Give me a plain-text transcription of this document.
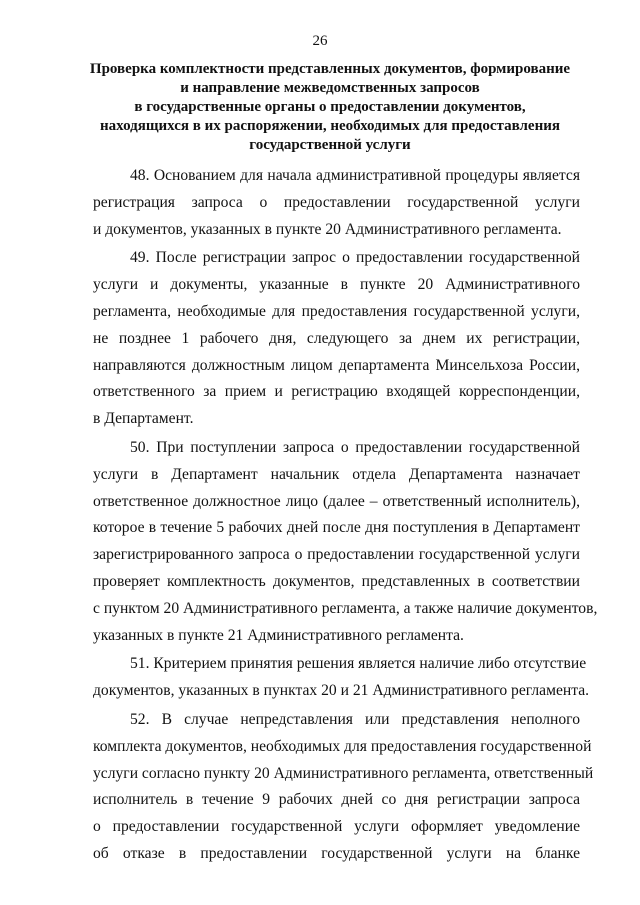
26
Проверка комплектности представленных документов, формирование
и направление межведомственных запросов
в государственные органы о предоставлении документов,
находящихся в их распоряжении, необходимых для предоставления
государственной услуги
48. Основанием для начала административной процедуры является
регистрация запроса о предоставлении государственной услуги
и документов, указанных в пункте 20 Административного регламента.
49. После регистрации запрос о предоставлении государственной
услуги и документы, указанные в пункте 20 Административного
регламента, необходимые для предоставления государственной услуги,
не позднее 1 рабочего дня, следующего за днем их регистрации,
направляются должностным лицом департамента Минсельхоза России,
ответственного за прием и регистрацию входящей корреспонденции,
в Департамент.
50. При поступлении запроса о предоставлении государственной
услуги в Департамент начальник отдела Департамента назначает
ответственное должностное лицо (далее – ответственный исполнитель),
которое в течение 5 рабочих дней после дня поступления в Департамент
зарегистрированного запроса о предоставлении государственной услуги
проверяет комплектность документов, представленных в соответствии
с пунктом 20 Административного регламента, а также наличие документов,
указанных в пункте 21 Административного регламента.
51. Критерием принятия решения является наличие либо отсутствие
документов, указанных в пунктах 20 и 21 Административного регламента.
52. В случае непредставления или представления неполного
комплекта документов, необходимых для предоставления государственной
услуги согласно пункту 20 Административного регламента, ответственный
исполнитель в течение 9 рабочих дней со дня регистрации запроса
о предоставлении государственной услуги оформляет уведомление
об отказе в предоставлении государственной услуги на бланке
